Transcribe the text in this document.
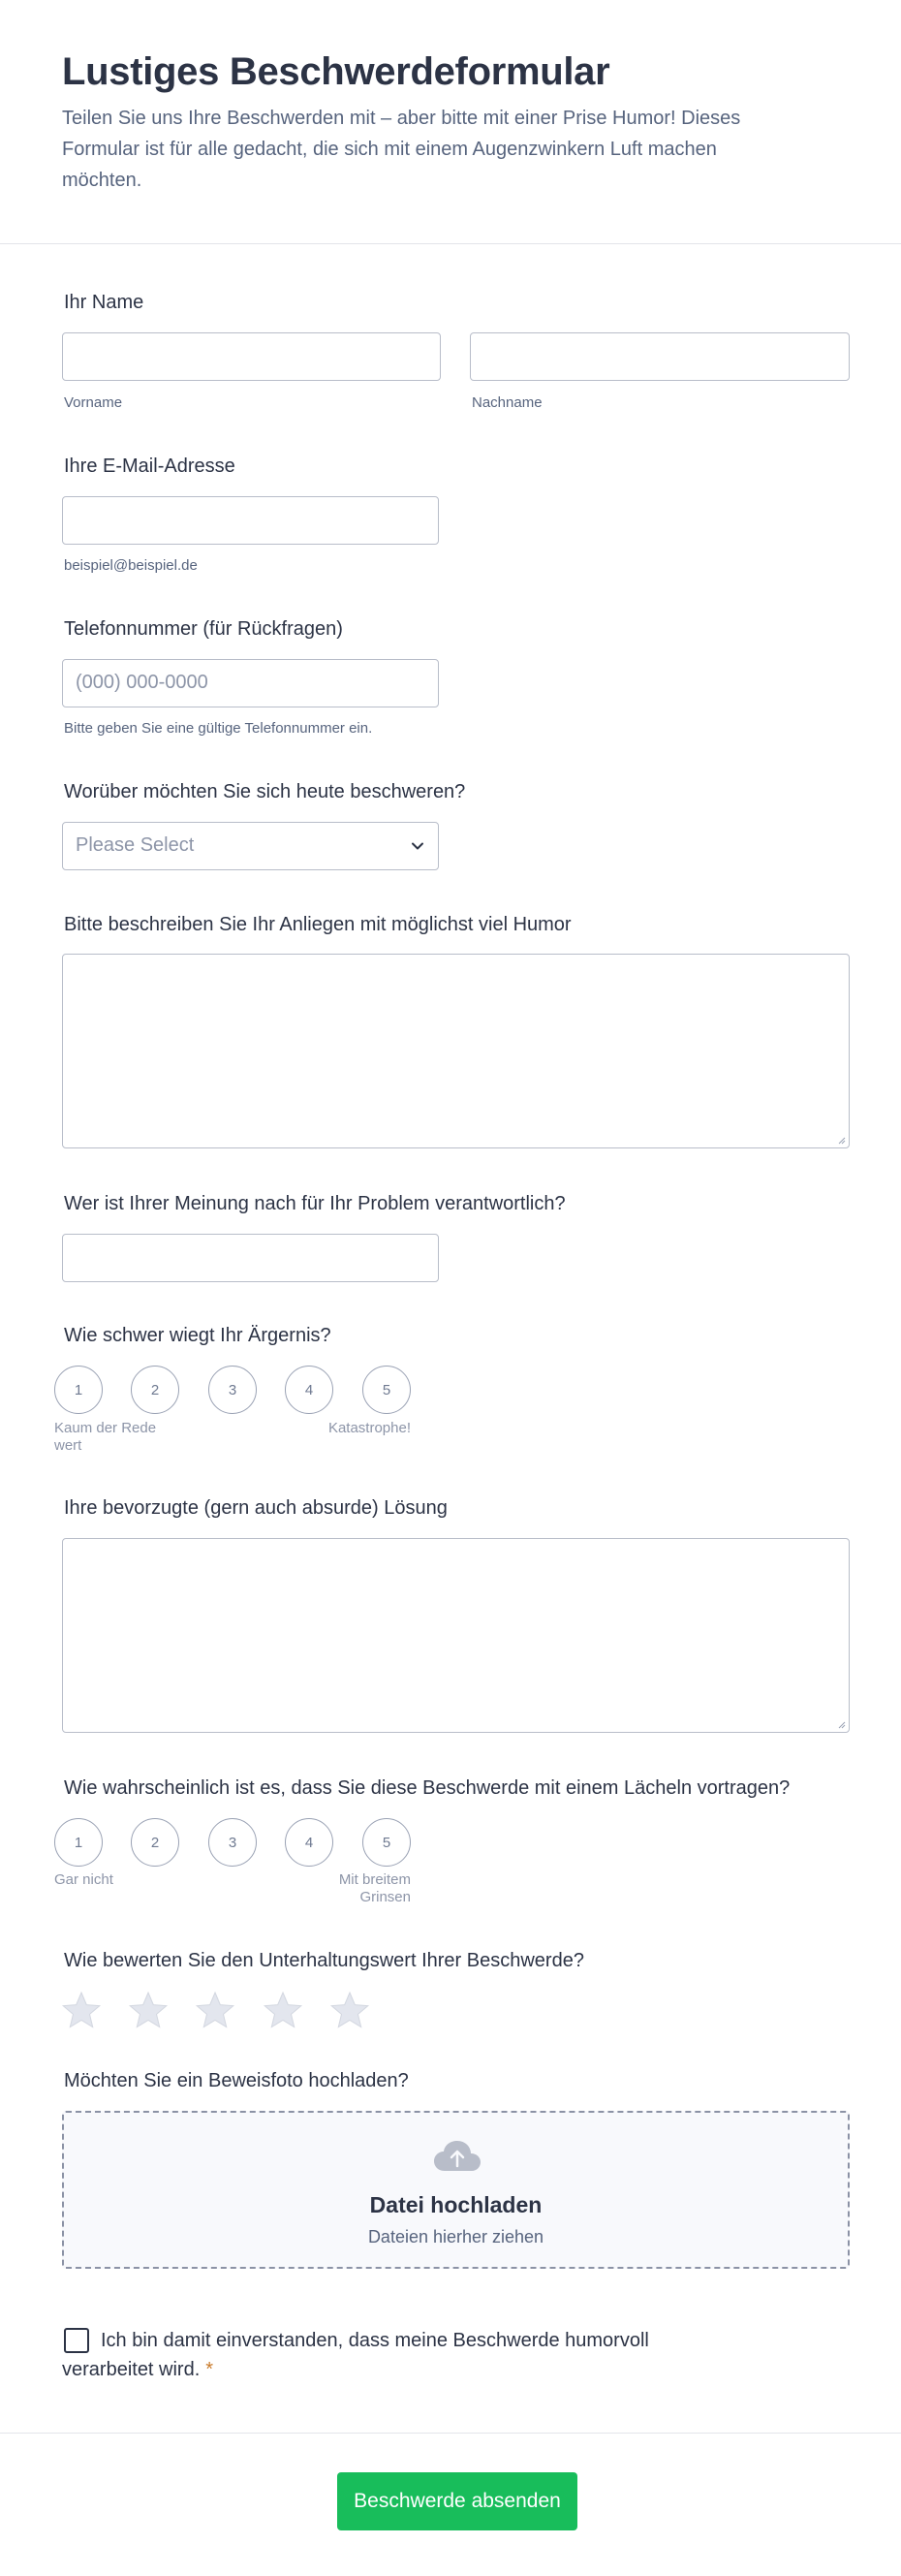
Lustiges Beschwerdeformular

Teilen Sie uns Ihre Beschwerden mit – aber bitte mit einer Prise Humor! Dieses Formular ist für alle gedacht, die sich mit einem Augenzwinkern Luft machen möchten.

Ihr Name
Vorname	Nachname
Ihre E-Mail-Adresse
beispiel@beispiel.de
Telefonnummer (für Rückfragen)
(000) 000-0000
Bitte geben Sie eine gültige Telefonnummer ein.
Worüber möchten Sie sich heute beschweren?
Please Select
Bitte beschreiben Sie Ihr Anliegen mit möglichst viel Humor
Wer ist Ihrer Meinung nach für Ihr Problem verantwortlich?
Wie schwer wiegt Ihr Ärgernis?
1	2	3	4	5
Kaum der Rede wert
Katastrophe!
Ihre bevorzugte (gern auch absurde) Lösung
Wie wahrscheinlich ist es, dass Sie diese Beschwerde mit einem Lächeln vortragen?
1	2	3	4	5
Gar nicht	Mit breitem Grinsen
Wie bewerten Sie den Unterhaltungswert Ihrer Beschwerde?
Möchten Sie ein Beweisfoto hochladen?
Datei hochladen
Dateien hierher ziehen
Ich bin damit einverstanden, dass meine Beschwerde humorvoll verarbeitet wird. *
Beschwerde absenden
